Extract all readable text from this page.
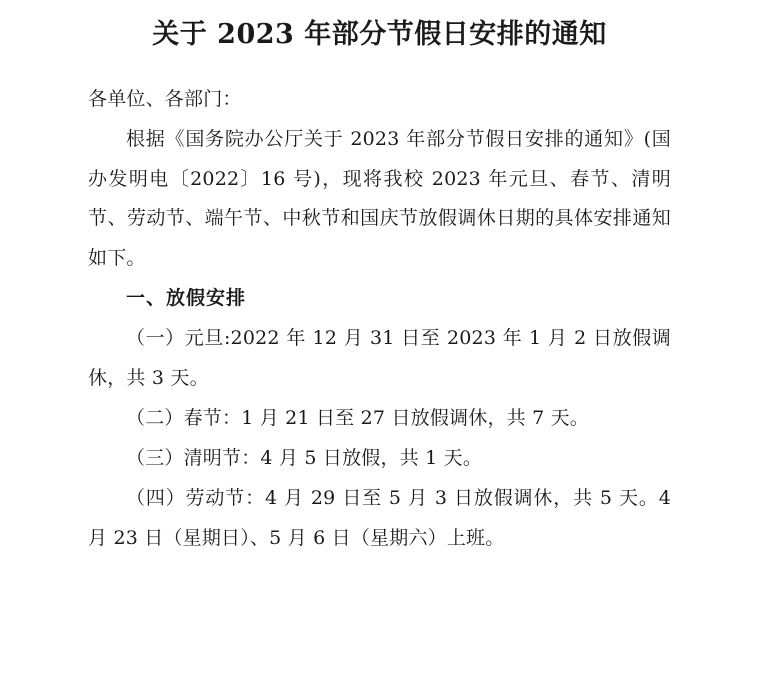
关于 2023 年部分节假日安排的通知

各单位、各部门：

根据《国务院办公厅关于 2023 年部分节假日安排的通知》(国办发明电〔2022〕16 号)，现将我校 2023 年元旦、春节、清明节、劳动节、端午节、中秋节和国庆节放假调休日期的具体安排通知如下。

一、放假安排

（一）元旦:2022 年 12 月 31 日至 2023 年 1 月 2 日放假调休，共 3 天。

（二）春节：1 月 21 日至 27 日放假调休，共 7 天。

（三）清明节：4 月 5 日放假，共 1 天。

（四）劳动节：4 月 29 日至 5 月 3 日放假调休，共 5 天。4 月 23 日（星期日）、5 月 6 日（星期六）上班。
